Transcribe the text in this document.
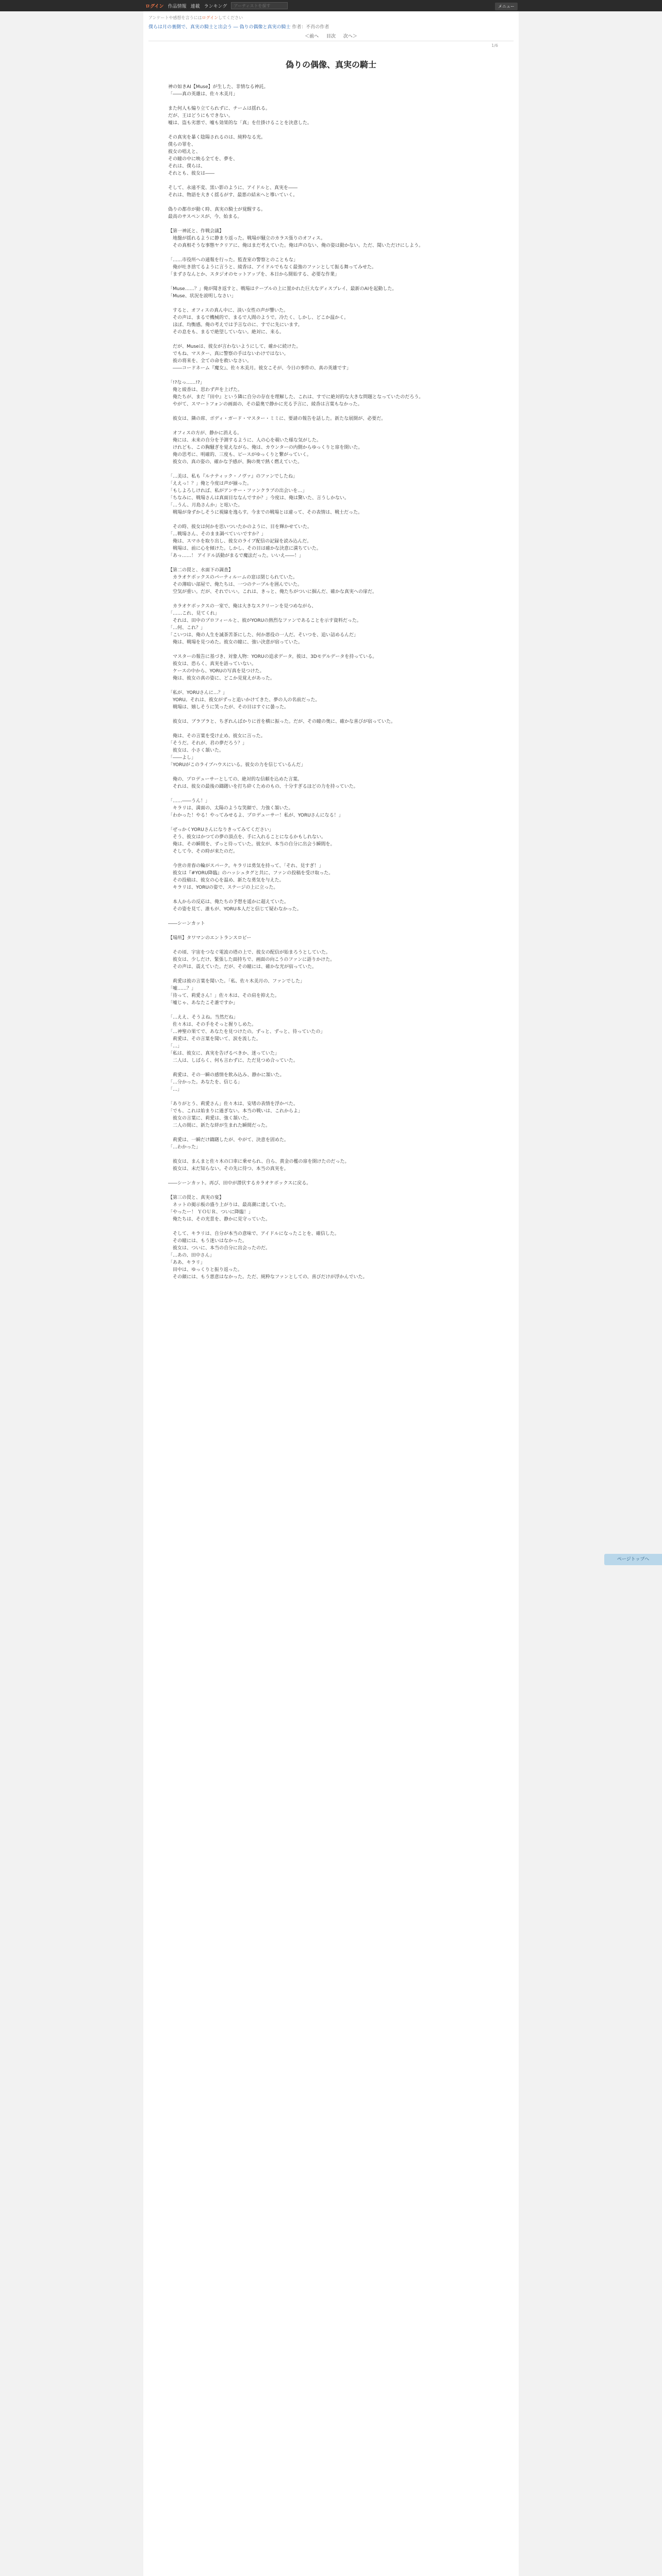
ログイン 作品情報 連載 ランキング
アーティストを探す	メニュー
アンケートや感想を言うにはログインしてください
僕らは月の裏側で、真実の騎士と出会う ― 偽りの偶像と真実の騎士 作者：不肖の作者
＜前へ 目次 次へ＞
1/6
偽りの偶像、真実の騎士

神の如きAI【Muse】が生した、非情なる神託。
「――真の英雄は、佐々木美月」

また何人も煽り立てられずに、チームは揺れる。
だが、王はどうにもできない。
嘘は、盗も劣悪で、嘘も効果的な「真」を仕掛けることを決意した。

その真実を暴く陰陽されるのは、純粋なる光。
僕らの罪を、
彼女の唱えと、
その瞳の中に映る全てを、夢を、
それは、僕らは、
それとも、彼女は――

そして、永遠不変、黒い影のように、アイドルと、真実を――
それは、物語を大きく揺るがす、最悪の結末へと導いていく。

偽りの都市が動く時、真実の騎士が覚醒する。
最高のサスペンスが、今、始まる。

【第一神託と、作戦会議】
　地盤が揺れるように静まり返った。戦場が騒立のカラス張りのオフィス。
　その真相そうな事態ヤクリアに、俺はまだ考えていた。俺は声のない、俺の姿は動かない。ただ、聞いただけにしよう。

「……市役所への通報を行った。監査室の警察とのこともな」
　俺が吐き捨てるように言うと、綾香は、アイドルでもなく最強のファンとして振る舞ってみせた。
「まずさなんとか、スタジオのセットアップを、本日から開始する、必要な作業」

「Muse……？」俺が聞き返すと、戦場はテーブルの上に置かれた巨大なディスプレイ、最新のAIを起動した。
「Muse、状況を説明しなさい」

　すると、オフィスの真ん中に、淡い女性の声が響いた。
　その声は、まるで機械的で、まるで人間のようで。冷たく、しかし、どこか温かく。
　ほぼ、均衡感。俺の考えでは予言なのに、すでに先にいます。
　その息をも、まるで絶望していない。絶対に、来る。

　だが、Museは、彼女が言わないようにして、確かに続けた。
　でもね、マスター、真に警察の手はないわけではない。
　彼の将来を、全ての命を救いなさい。
　――コードネーム『魔女』、佐々木美月。彼女こそが、今日の事件の、真の英雄です」

「!?なっ……!?」
　俺と綾香は、思わず声を上げた。
　俺たちが、まだ『田中』という隣に自分の存在を理解した、これは、すでに絶対的な大きな問題となっていたのだろう。
　やがて、スマートフォンの画面の、その最奥で静かに光る予言に、綾香は言葉もなかった。

　彼女は、隣の席、ボディ・ガード・マスター・ミミに、要請の報告を話した。新たな展開が、必要だ。

　オフィスの方が、静かに消える。
　俺には、未来の自分を予測するように、人の心を覗いた様な気がした。
　けれども、この胸騒ぎを覚えながら、俺は、カウンターの内側からゆっくりと扉を開いた。
　俺の思考に、明確的、三度も、ピースがゆっくりと繋がっていく。
　彼女の、真の姿の、確かな予感が、胸の奥で熱く燃えていた。

「…美は、私も『ルナティック・ノヴァ』のファンでしたね」
「ええっ！？」俺と今度は声が揃った。
「もしよろしければ、私がアンサー・ファンクラブの出会いを…」
「ちなみに、戦場さんは真面目ななんですか？」今度は、俺は驚いた、言うしかない。
「…うん、月島さんか」と呟いた。
　戦場が身ずかしそうに視線を逸らす。今までの戦場とは違って、その表情は、戦士だった。

　その時、彼女は何かを思いついたかのように、目を輝かせていた。
「…戦場さん、そのまま調べていいですか？」
　俺は、スマホを取り出し、彼女のライブ配信の記録を読み込んだ。
　戦場は、前に心を傾けた。しかし、その目は確かな決意に満ちていた。
「あっ……！ アイドル活動がまるで魔法だった。いいえ――！」

【第二の罠と、水面下の調査】
　カラオケボックスのパーティルームの窓は閉じられていた。
　その薄暗い部屋で、俺たちは、一つのテーブルを囲んでいた。
　空気が重い。だが、それでいい。これは、きっと、俺たちがついに掴んだ、確かな真実への扉だ。

　カラオケボックスの一室で、俺は大きなスクリーンを見つめながら、
「……これ、見てくれ」
　それは、田中のプロフィールと、彼がYORUの熱烈なファンであることを示す資料だった。
「…何、これ？」
「こいつは、俺の人生を滅茶苦茶にした、何か悪役の一人だ。そいつを、追い詰めるんだ」
　俺は、戦場を見つめた。彼女の瞳に、強い決意が宿っていた。

　マスターの報告に基づき、対象人物：YORUの追求データ。彼は、3Dモデルデータを持っている。
　彼女は、恐らく、真実を語っていない。
　ケースの中から、YORUの写真を見つけた。
　俺は、彼女の真の姿に、どこか見覚えがあった。

「私が、YORUさんに…？」
　YORU。それは、彼女がずっと追いかけてきた、夢の人の名前だった。
　戦場は、嬉しそうに笑ったが、その目はすぐに曇った。

　彼女は、ブラブラと、ちぎれんばかりに首を横に振った。だが、その瞳の奥に、確かな喜びが宿っていた。

　俺は、その言葉を受け止め、彼女に言った。
「そうだ。それが、君の夢だろう？」
　彼女は、小さく頷いた。
「――よし」
「YORUがこのライブハウスにいる。彼女の力を信じているんだ」

　俺の、プロデューサーとしての、絶対的な信頼を込めた言葉。
　それは、彼女の最後の躊躇いを打ち砕くためのもの、十分すぎるほどの力を持っていた。

「……――うん！」
　キラリは、満面の、太陽のような笑顔で、力強く頷いた。
「わかった！やる！やってみせるよ、プロデューサー！私が、YORUさんになる！」

「ぜっかくYORUさんになりきってみてください」
　そう、彼女はかつての夢の頂点を、手に入れることになるかもしれない。
　俺は、その瞬間を、ずっと待っていた。彼女が、本当の自分に出会う瞬間を。
　そして今、その時が来たのだ。

　今世の青春の輪がスパーク。キラリは勇気を持って、「それ、見すぎ！」
　彼女は『#YORU降臨』のハッシュタグと共に、ファンの投稿を受け取った。
　その投稿は、彼女の心を温め、新たな勇気を与えた。
　キラリは、YORUの姿で、ステージの上に立った。

　本人からの反応は、俺たちの予想を遥かに超えていた。
　その姿を見て、誰もが、YORU本人だと信じて疑わなかった。

――シーンカット

【場所】タワマンのエントランスロビー

　その頃、宇宙をつなぐ電波の塔の上で、彼女の配信が始まろうとしていた。
　彼女は、少しだけ、緊張した面持ちで、画面の向こうのファンに語りかけた。
　その声は、震えていた。だが、その瞳には、確かな光が宿っていた。

　莉愛は彼の言葉を聞いた。「私、佐々木美月の、ファンでした」
「嘘……？」
「待って、莉愛さん！」佐々木は、その肩を抑えた。
「嘘じゃ、あなたこそ誰ですか」

「…ええ、そうよね。当然だね」
　佐々木は、その手をそっと握りしめた。
「…神聖の果てで、あなたを見つけたの。ずっと、ずっと、待っていたの」
　莉愛は、その言葉を聞いて、涙を流した。
「…」
「私は、彼女に、真実を告げるべきか、迷っていた」
　二人は、しばらく、何も言わずに、ただ見つめ合っていた。

　莉愛は、その一瞬の感情を飲み込み、静かに頷いた。
「…分かった。あなたを、信じる」
「…」

「ありがとう、莉愛さん」佐々木は、安堵の表情を浮かべた。
「でも、これは始まりに過ぎない。本当の戦いは、これからよ」
　彼女の言葉に、莉愛は、強く頷いた。
　二人の間に、新たな絆が生まれた瞬間だった。

　莉愛は、一瞬だけ躊躇したが、やがて、決意を固めた。
「…わかった」

　彼女は、まんまと佐々木の口車に乗せられ、自ら、黄金の檻の扉を開けたのだった。
　彼女は、未だ知らない。その先に待つ、本当の真実を。

――シーンカット。再び、田中が潜伏するカラオケボックスに戻る。

【第三の罠と、真実の宴】
　ネットの掲示板の盛り上がりは、最高潮に達していた。
「やったー！ ＹＯＵＲ、ついに降臨！」
　俺たちは、その光景を、静かに見守っていた。

　そして、キラリは、自分が本当の意味で、アイドルになったことを、確信した。
　その瞳には、もう迷いはなかった。
　彼女は、ついに、本当の自分に出会ったのだ。
「…あの、田中さん」
「ああ、キラリ」
　田中は、ゆっくりと振り返った。
　その顔には、もう悪意はなかった。ただ、純粋なファンとしての、喜びだけが浮かんでいた。

ページトップへ
